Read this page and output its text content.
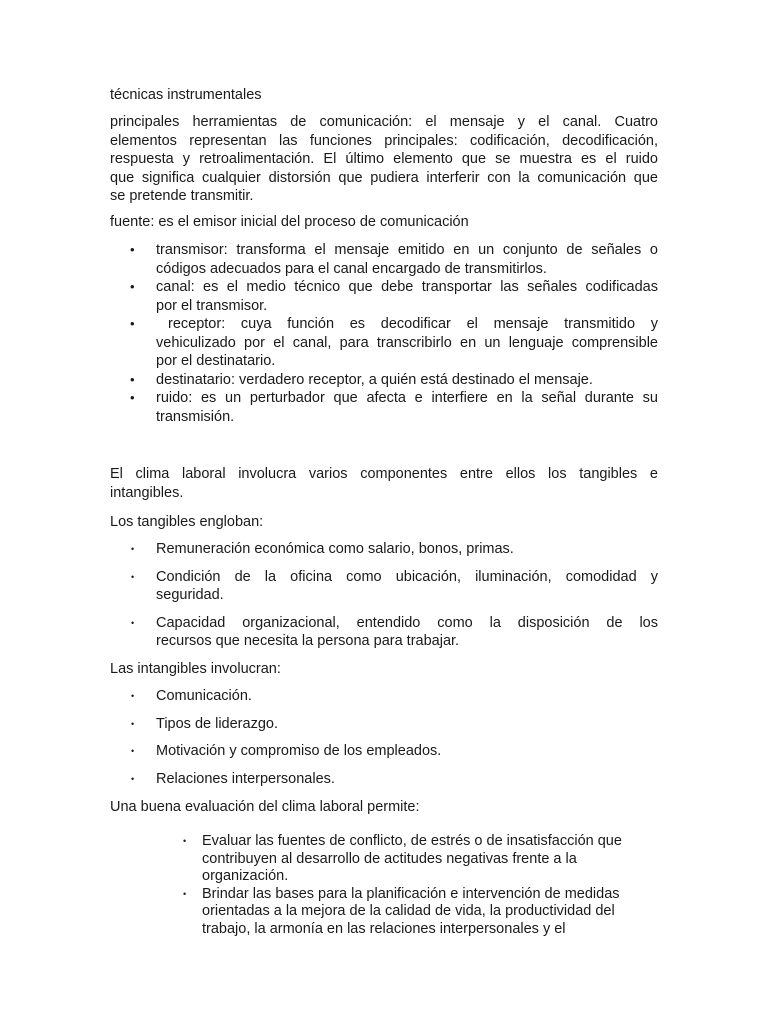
técnicas instrumentales

principales herramientas de comunicación: el mensaje y el canal. Cuatro
elementos representan las funciones principales: codificación, decodificación,
respuesta y retroalimentación. El último elemento que se muestra es el ruido
que significa cualquier distorsión que pudiera interferir con la comunicación que
se pretende transmitir.

fuente: es el emisor inicial del proceso de comunicación

• transmisor: transforma el mensaje emitido en un conjunto de señales o
códigos adecuados para el canal encargado de transmitirlos.
• canal: es el medio técnico que debe transportar las señales codificadas
por el transmisor.
•	receptor: cuya función es decodificar el mensaje transmitido y
vehiculizado por el canal, para transcribirlo en un lenguaje comprensible
por el destinatario.
• destinatario: verdadero receptor, a quién está destinado el mensaje.
• ruido: es un perturbador que afecta e interfiere en la señal durante su
transmisión.
El clima laboral involucra varios componentes entre ellos los tangibles e
intangibles.

Los tangibles engloban:

• Remuneración económica como salario, bonos, primas.
• Condición de la oficina como ubicación, iluminación, comodidad y
seguridad.
• Capacidad organizacional, entendido como la disposición de los
recursos que necesita la persona para trabajar.

Las intangibles involucran:

• Comunicación.
• Tipos de liderazgo.
• Motivación y compromiso de los empleados.
• Relaciones interpersonales.

Una buena evaluación del clima laboral permite:

• Evaluar las fuentes de conflicto, de estrés o de insatisfacción que
contribuyen al desarrollo de actitudes negativas frente a la
organización.
• Brindar las bases para la planificación e intervención de medidas
orientadas a la mejora de la calidad de vida, la productividad del
trabajo, la armonía en las relaciones interpersonales y el
